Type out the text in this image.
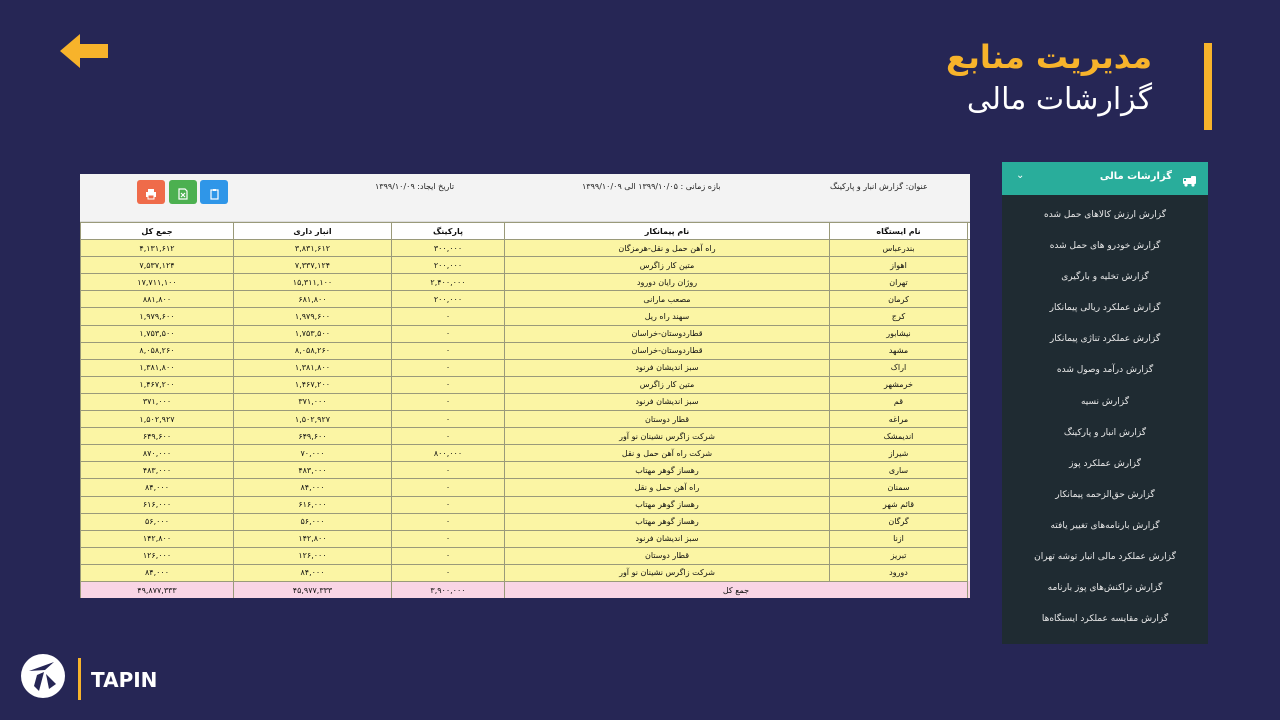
مدیریت منابع
گزارشات مالی
تاریخ ایجاد: ۱۳۹۹/۱۰/۰۹	بازه زمانی : ۱۳۹۹/۱۰/۰۵ الی ۱۳۹۹/۱۰/۰۹	عنوان: گزارش انبار و پارکینگ
جمع کل	انبار داری	پارکینگ	نام پیمانکار	نام ایستگاه	
۴,۱۳۱,۶۱۲	۳,۸۳۱,۶۱۲	۳۰۰,۰۰۰	راه آهن حمل و نقل-هرمزگان	بندرعباس	
۷,۵۳۷,۱۲۴	۷,۳۳۷,۱۲۴	۲۰۰,۰۰۰	متین کار زاگرس	اهواز	
۱۷,۷۱۱,۱۰۰	۱۵,۳۱۱,۱۰۰	۲,۴۰۰,۰۰۰	روژان رایان دورود	تهران	
۸۸۱,۸۰۰	۶۸۱,۸۰۰	۲۰۰,۰۰۰	مصعب مارانی	کرمان	
۱,۹۷۹,۶۰۰	۱,۹۷۹,۶۰۰	۰	سهند راه ریل	کرج	
۱,۷۵۳,۵۰۰	۱,۷۵۳,۵۰۰	۰	قطاردوستان-خراسان	نیشابور	
۸,۰۵۸,۲۶۰	۸,۰۵۸,۲۶۰	۰	قطاردوستان-خراسان	مشهد	
۱,۳۸۱,۸۰۰	۱,۳۸۱,۸۰۰	۰	سبز اندیشان فرنود	اراک	
۱,۴۶۷,۲۰۰	۱,۴۶۷,۲۰۰	۰	متین کار زاگرس	خرمشهر	
۳۷۱,۰۰۰	۳۷۱,۰۰۰	۰	سبز اندیشان فرنود	قم	
۱,۵۰۲,۹۲۷	۱,۵۰۲,۹۲۷	۰	قطار دوستان	مراغه	
۶۴۹,۶۰۰	۶۴۹,۶۰۰	۰	شرکت زاگرس نشینان نو آور	اندیمشک	
۸۷۰,۰۰۰	۷۰,۰۰۰	۸۰۰,۰۰۰	شرکت راه آهن حمل و نقل	شیراز	
۴۸۳,۰۰۰	۴۸۳,۰۰۰	۰	رهساز گوهر مهتاب	ساری	
۸۴,۰۰۰	۸۴,۰۰۰	۰	راه آهن حمل و نقل	سمنان	
۶۱۶,۰۰۰	۶۱۶,۰۰۰	۰	رهساز گوهر مهتاب	قائم شهر	
۵۶,۰۰۰	۵۶,۰۰۰	۰	رهساز گوهر مهتاب	گرگان	
۱۴۲,۸۰۰	۱۴۲,۸۰۰	۰	سبز اندیشان فرنود	ازنا	
۱۲۶,۰۰۰	۱۲۶,۰۰۰	۰	قطار دوستان	تبریز	
۸۴,۰۰۰	۸۴,۰۰۰	۰	شرکت زاگرس نشینان نو آور	دورود	
۴۹,۸۷۷,۳۳۳	۴۵,۹۷۷,۳۳۳	۳,۹۰۰,۰۰۰	جمع کل		
⌄	گزارشات مالی
گزارش ارزش کالاهای حمل شده
گزارش خودرو های حمل شده
گزارش تخلیه و بارگیری
گزارش عملکرد ریالی پیمانکار
گزارش عملکرد تناژی پیمانکار
گزارش درآمد وصول شده
گزارش نسیه
گزارش انبار و پارکینگ
گزارش عملکرد پوز
گزارش حق‌الزحمه پیمانکار
گزارش بارنامه‌های تغییر یافته
گزارش عملکرد مالی انبار توشه تهران
گزارش تراکنش‌های پوز بارنامه
گزارش مقایسه عملکرد ایستگاه‌ها
TAPIN
